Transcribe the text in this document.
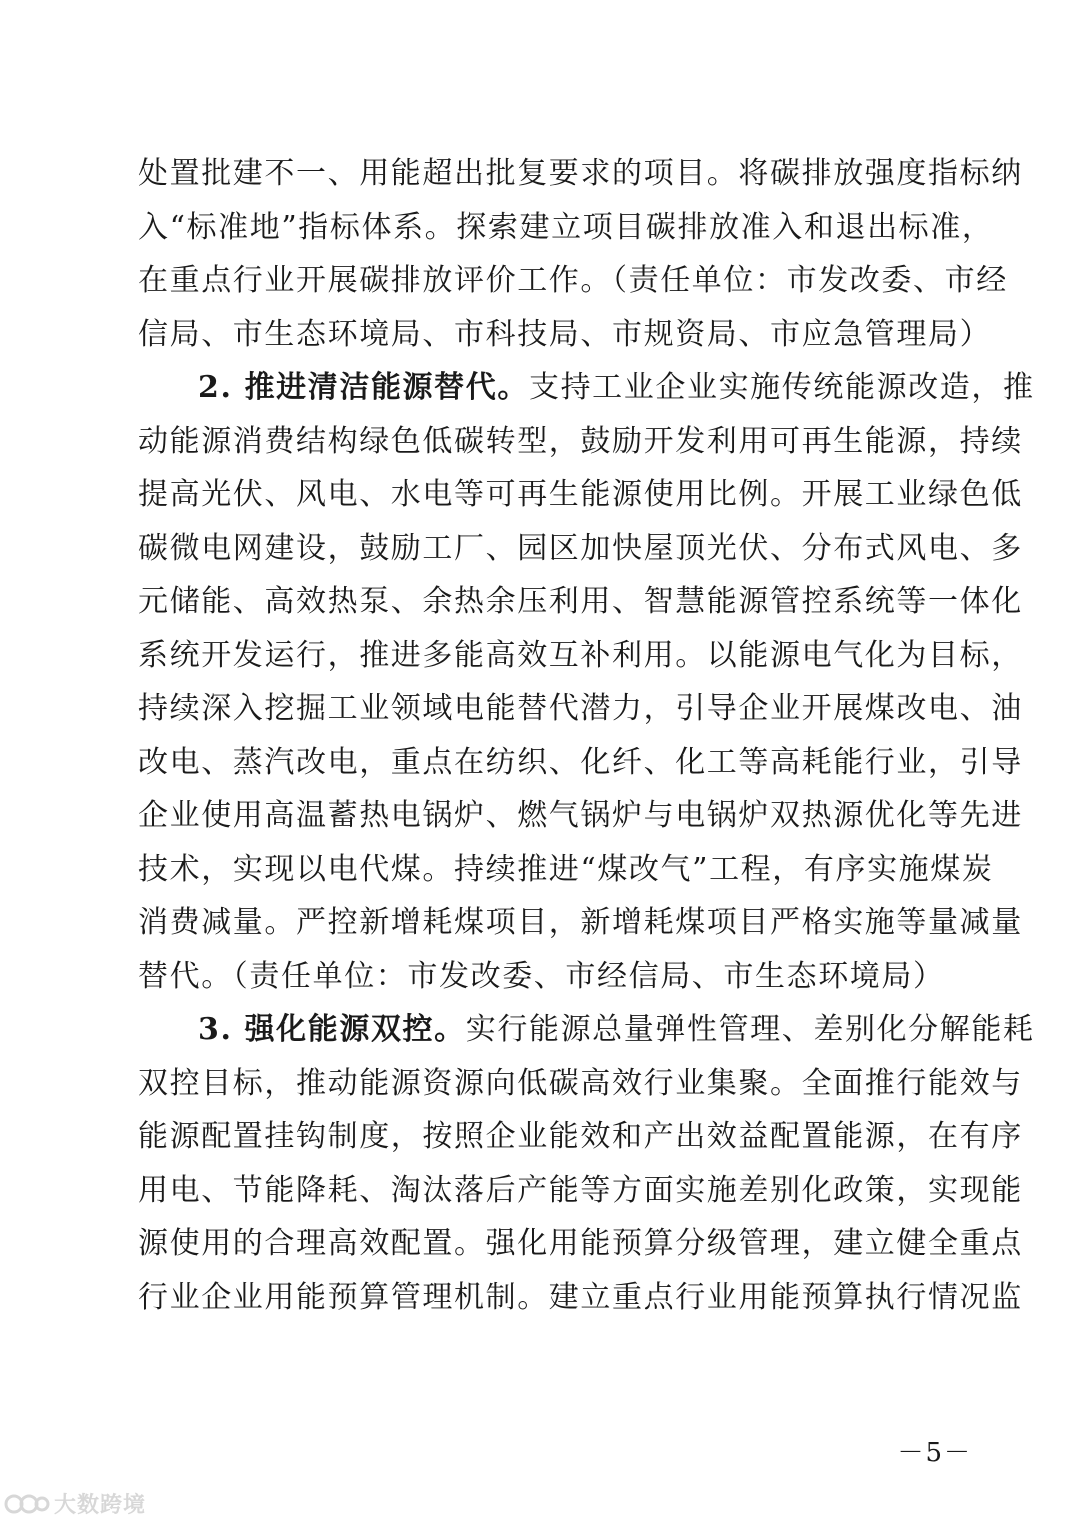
处置批建不一、用能超出批复要求的项目。将碳排放强度指标纳
入“标准地”指标体系。探索建立项目碳排放准入和退出标准，
在重点行业开展碳排放评价工作。（责任单位：市发改委、市经
信局、市生态环境局、市科技局、市规资局、市应急管理局）
2. 推进清洁能源替代。支持工业企业实施传统能源改造，推
动能源消费结构绿色低碳转型，鼓励开发利用可再生能源，持续
提高光伏、风电、水电等可再生能源使用比例。开展工业绿色低
碳微电网建设，鼓励工厂、园区加快屋顶光伏、分布式风电、多
元储能、高效热泵、余热余压利用、智慧能源管控系统等一体化
系统开发运行，推进多能高效互补利用。以能源电气化为目标，
持续深入挖掘工业领域电能替代潜力，引导企业开展煤改电、油
改电、蒸汽改电，重点在纺织、化纤、化工等高耗能行业，引导
企业使用高温蓄热电锅炉、燃气锅炉与电锅炉双热源优化等先进
技术，实现以电代煤。持续推进“煤改气”工程，有序实施煤炭
消费减量。严控新增耗煤项目，新增耗煤项目严格实施等量减量
替代。（责任单位：市发改委、市经信局、市生态环境局）
3. 强化能源双控。实行能源总量弹性管理、差别化分解能耗
双控目标，推动能源资源向低碳高效行业集聚。全面推行能效与
能源配置挂钩制度，按照企业能效和产出效益配置能源，在有序
用电、节能降耗、淘汰落后产能等方面实施差别化政策，实现能
源使用的合理高效配置。强化用能预算分级管理，建立健全重点
行业企业用能预算管理机制。建立重点行业用能预算执行情况监
－5－
大数跨境
